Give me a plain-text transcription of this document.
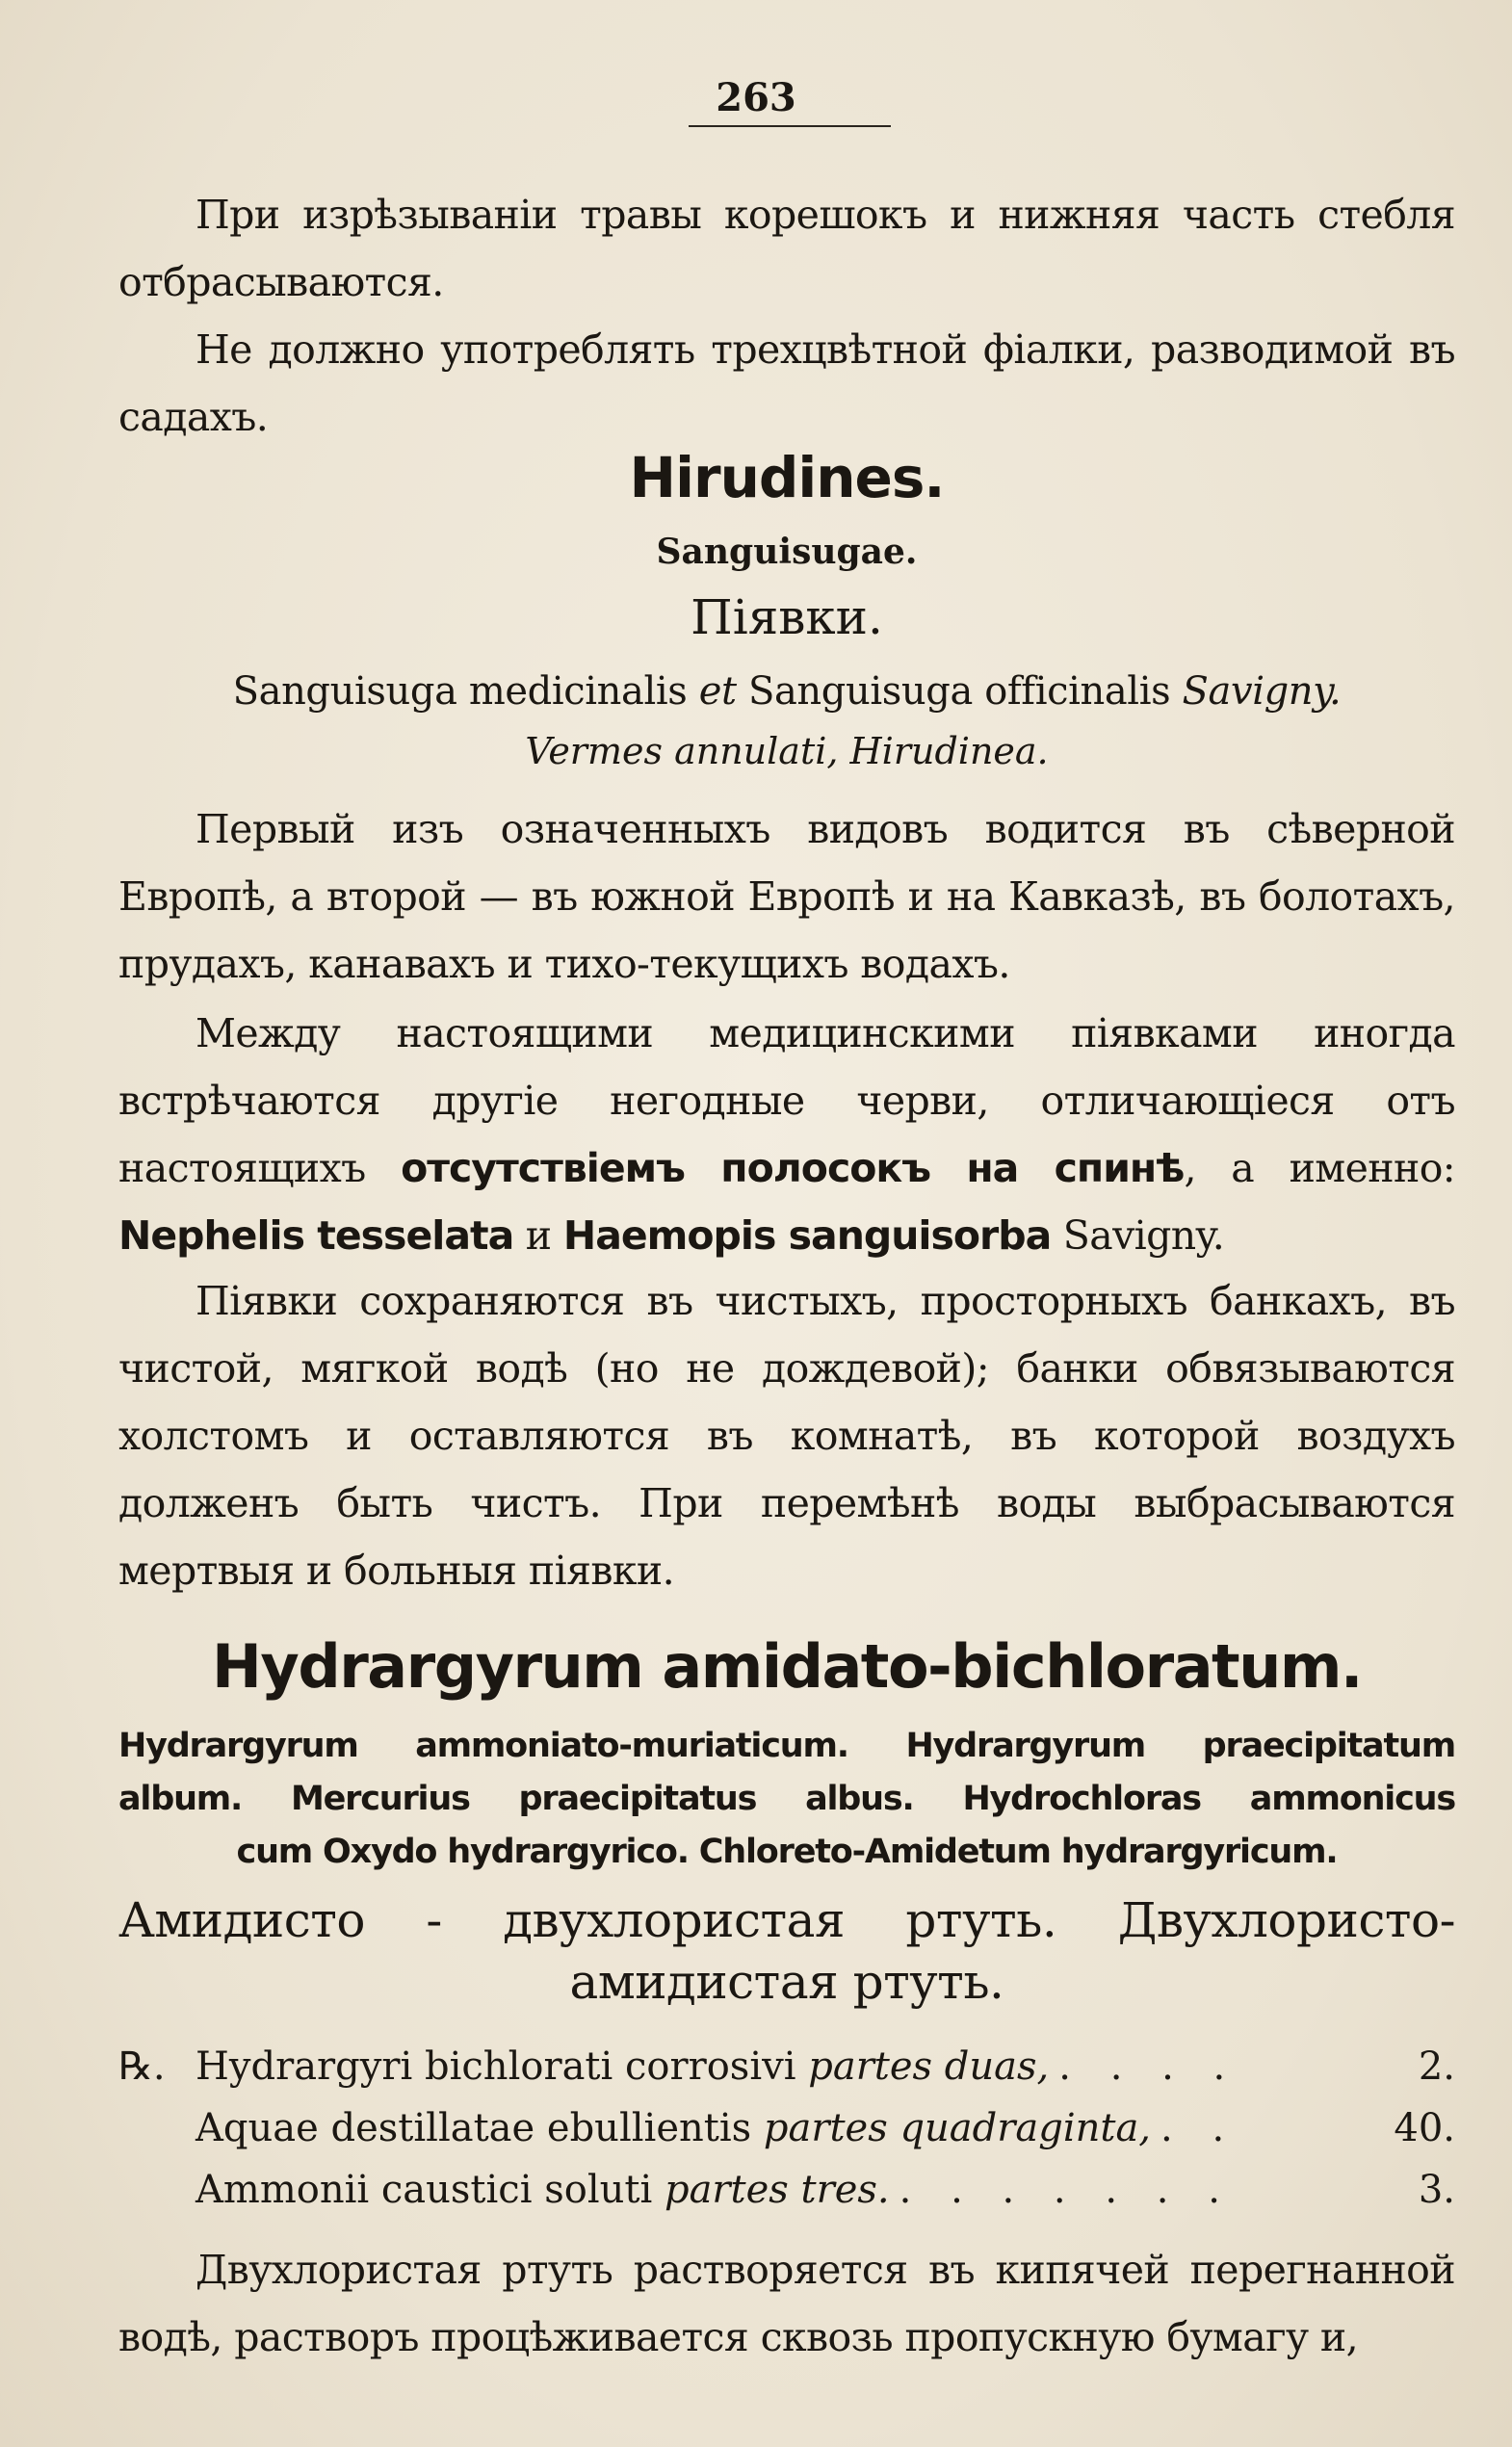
263
При изрѣзываніи травы корешокъ и нижняя часть стебля отбрасываются.
Не должно употреблять трехцвѣтной фіалки, разводимой въ садахъ.
Hirudines.
Sanguisugae.
Піявки.
Sanguisuga medicinalis et Sanguisuga officinalis Savigny.
Vermes annulati, Hirudinea.
Первый изъ означенныхъ видовъ водится въ сѣверной Европѣ, а второй — въ южной Европѣ и на Кавказѣ, въ болотахъ, прудахъ, канавахъ и тихо-текущихъ водахъ.
Между настоящими медицинскими піявками иногда встрѣчаются другіе негодные черви, отличающіеся отъ настоящихъ отсутствіемъ полосокъ на спинѣ, а именно: Nephelis tesselata и Haemopis sanguisorba Savigny.
Піявки сохраняются въ чистыхъ, просторныхъ банкахъ, въ чистой, мягкой водѣ (но не дождевой); банки обвязываются холстомъ и оставляются въ комнатѣ, въ которой воздухъ долженъ быть чистъ. При перемѣнѣ воды выбрасываются мертвыя и больныя піявки.
Hydrargyrum amidato-bichloratum.
Hydrargyrum ammoniato-muriaticum. Hydrargyrum praecipitatum
album. Mercurius praecipitatus albus. Hydrochloras ammonicus
cum Oxydo hydrargyrico. Chloreto-Amidetum hydrargyricum.
Амидисто - двухлористая ртуть. Двухлористо-
амидистая ртуть.
℞. Hydrargyri bichlorati corrosivi partes duas, . . . .	2.
Aquae destillatae ebullientis partes quadraginta, . .	40.
Ammonii caustici soluti partes tres. . . . . . . .	3.
Двухлористая ртуть растворяется въ кипячей перегнанной водѣ, растворъ процѣживается сквозь пропускную бумагу и,
